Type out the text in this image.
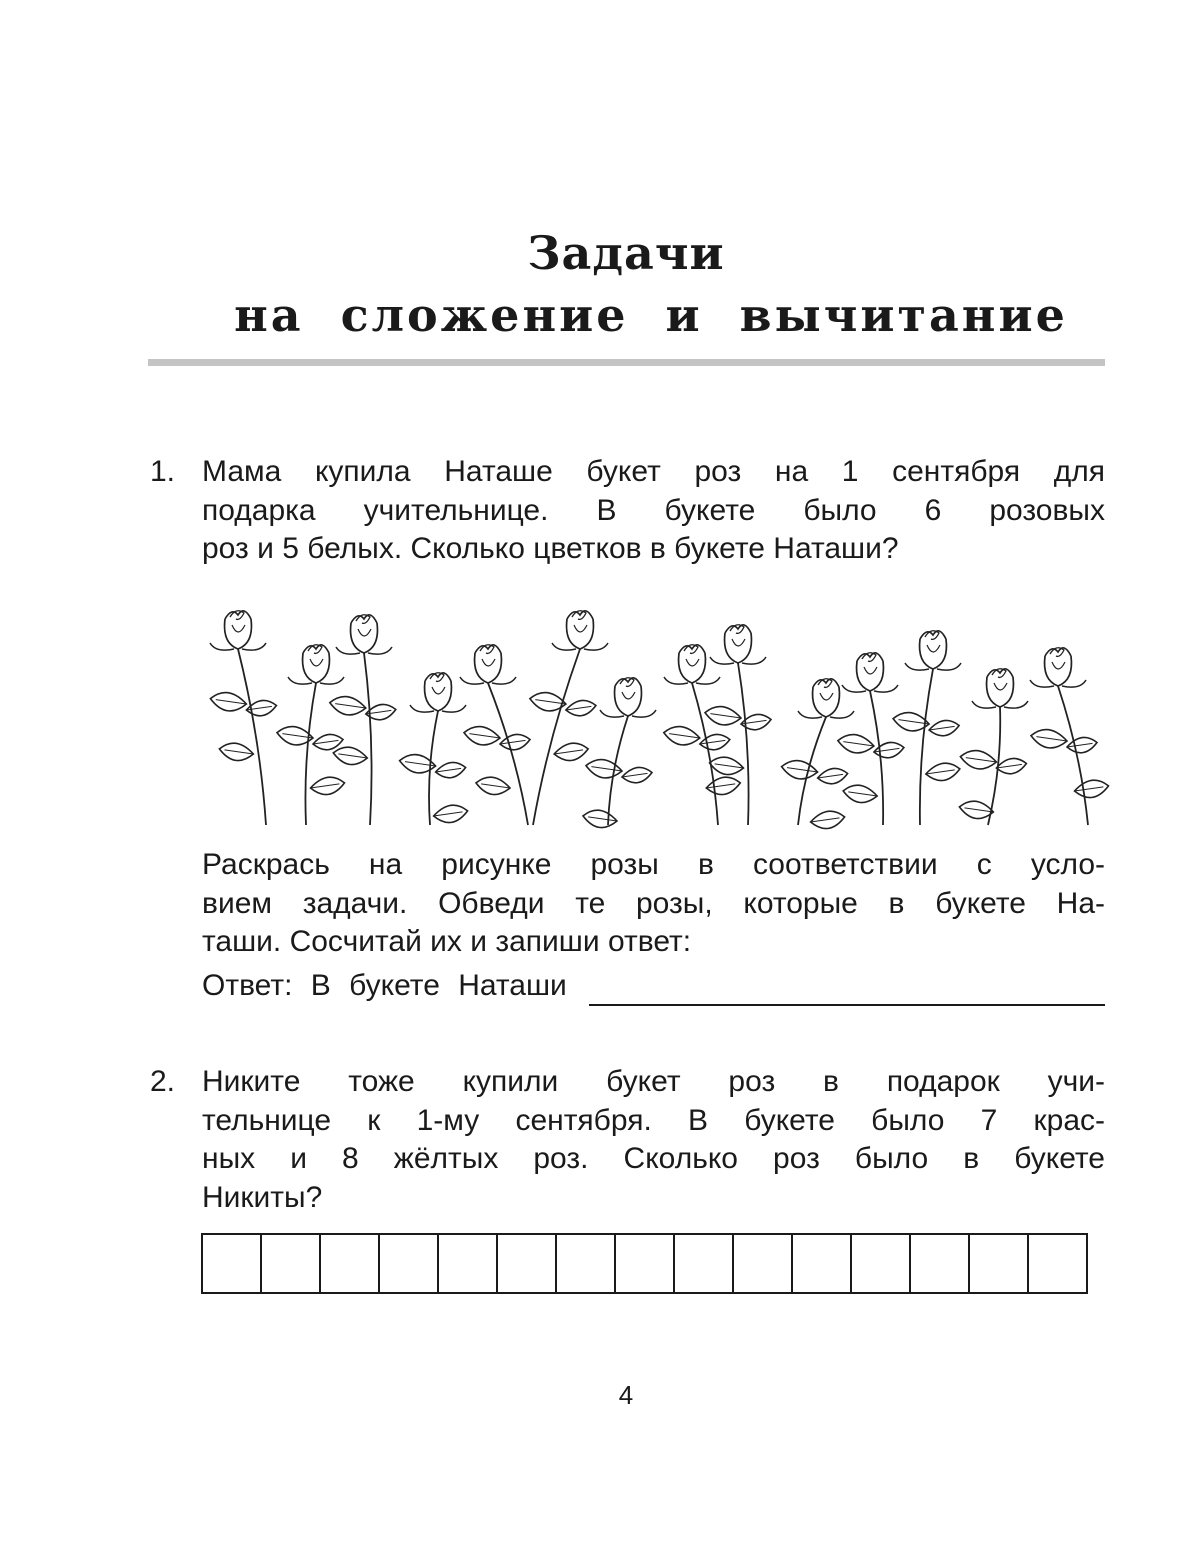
Задачи
на сложение и вычитание
1. Мама купила Наташе букет роз на 1 сентября для
подарка учительнице. В букете было 6 розовых
роз и 5 белых. Сколько цветков в букете Наташи?

Раскрась на рисунке розы в соответствии с усло-
вием задачи. Обведи те розы, которые в букете На-
таши. Сосчитай их и запиши ответ:

Ответ: В букете Наташи
2. Никите тоже купили букет роз в подарок учи-
тельнице к 1-му сентября. В букете было 7 крас-
ных и 8 жёлтых роз. Сколько роз было в букете
Никиты?

4
